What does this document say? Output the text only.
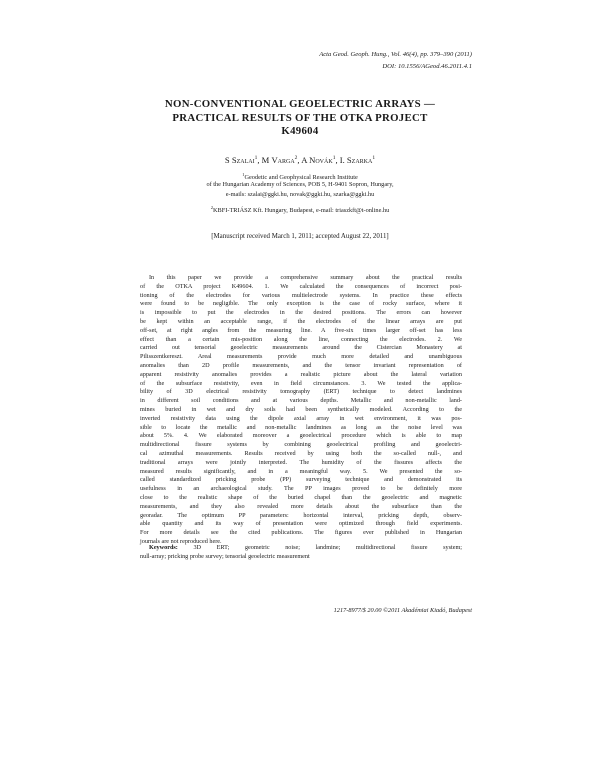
Acta Geod. Geoph. Hung., Vol. 46(4), pp. 379–390 (2011)
DOI: 10.1556/AGeod.46.2011.4.1
NON-CONVENTIONAL GEOELECTRIC ARRAYS —
PRACTICAL RESULTS OF THE OTKA PROJECT
K49604
S Szalai$^1$, M Varga$^2$, A Novák$^1$, I. Szarka$^1$
$^1$Geodetic and Geophysical Research Institute
of the Hungarian Academy of Sciences, POB 5, H-9401 Sopron, Hungary,
e-mails: szalai@ggki.hu, novak@ggki.hu, szarka@ggki.hu
$^2$KBFI-TRIÁSZ Kft. Hungary, Budapest, e-mail: triaszkft@t-online.hu
[Manuscript received March 1, 2011; accepted August 22, 2011]
In this paper we provide a comprehensive summary about the practical results
of the OTKA project K49604. 1. We calculated the consequences of incorrect posi-
tioning of the electrodes for various multielectrode systems. In practice these effects
were found to be negligible. The only exception is the case of rocky surface, where it
is impossible to put the electrodes in the desired positions. The errors can however
be kept within an acceptable range, if the electrodes of the linear arrays are put
off-set, at right angles from the measuring line. A five-six times larger off-set has less
effect than a certain mis-position along the line, connecting the electrodes. 2. We
carried out tensorial geoelectric measurements around the Cistercian Monastery at
Pilisszentkereszt. Areal measurements provide much more detailed and unambiguous
anomalies than 2D profile measurements, and the tensor invariant representation of
apparent resistivity anomalies provides a realistic picture about the lateral variation
of the subsurface resistivity, even in field circumstances. 3. We tested the applica-
bility of 3D electrical resistivity tomography (ERT) technique to detect landmines
in different soil conditions and at various depths. Metallic and non-metallic land-
mines buried in wet and dry soils had been synthetically modeled. According to the
inverted resistivity data using the dipole axial array in wet environment, it was pos-
sible to locate the metallic and non-metallic landmines as long as the noise level was
about 5%. 4. We elaborated moreover a geoelectrical procedure which is able to map
multidirectional fissure systems by combining geoelectrical profiling and geoelectri-
cal azimuthal measurements. Results received by using both the so-called null-, and
traditional arrays were jointly interpreted. The humidity of the fissures affects the
measured results significantly, and in a meaningful way. 5. We presented the so-
called standardized pricking probe (PP) surveying technique and demonstrated its
usefulness in an archaeological study. The PP images proved to be definitely more
close to the realistic shape of the buried chapel than the geoelectric and magnetic
measurements, and they also revealed more details about the subsurface than the
georadar. The optimum PP parameters: horizontal interval, pricking depth, observ-
able quantity and its way of presentation were optimized through field experiments.
For more details see the cited publications. The figures ever published in Hungarian
journals are not reproduced here.
Keywords: 3D ERT; geometric noise; landmine; multidirectional fissure system;
null-array; pricking probe survey; tensorial geoelectric measurement
1217-8977/$ 20.00 ©2011 Akadémiai Kiadó, Budapest
